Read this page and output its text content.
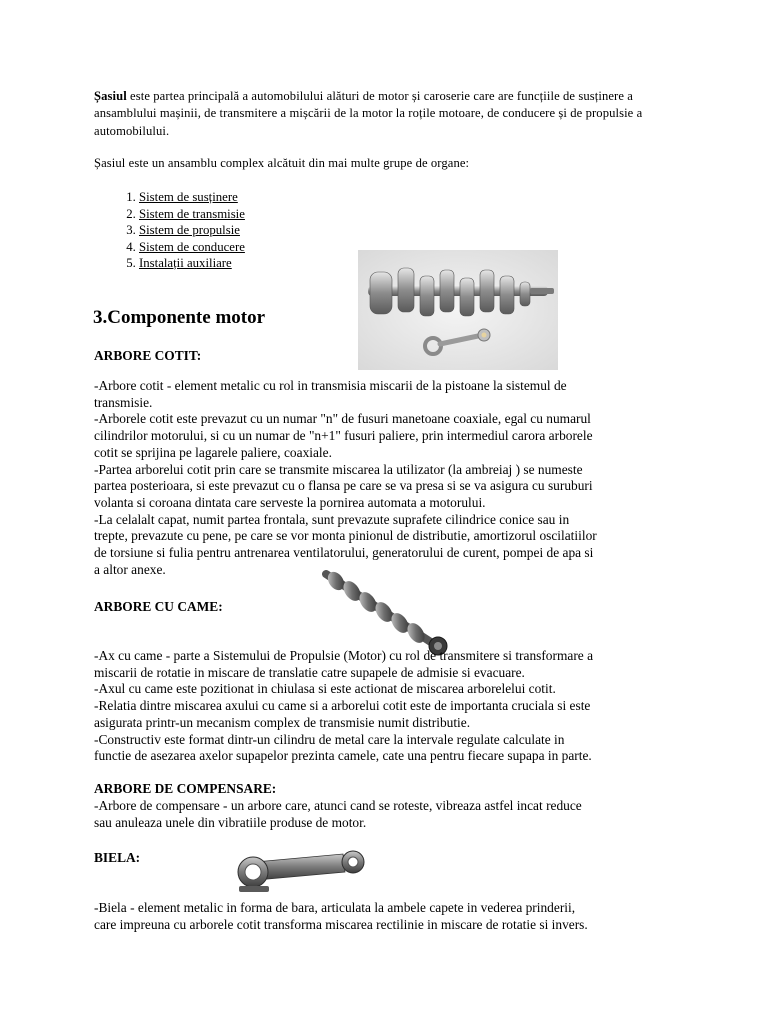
Șasiul este partea principală a automobilului alături de motor și caroserie care are funcțiile de susținere a ansamblului mașinii, de transmitere a mișcării de la motor la roțile motoare, de conducere și de propulsie a automobilului.

Șasiul este un ansamblu complex alcătuit din mai multe grupe de organe:

1. Sistem de susținere
2. Sistem de transmisie
3. Sistem de propulsie
4. Sistem de conducere
5. Instalații auxiliare
3.Componente motor
ARBORE COTIT:

-Arbore cotit - element metalic cu rol in transmisia miscarii de la pistoane la sistemul de

transmisie.

-Arborele cotit este prevazut cu un numar "n" de fusuri manetoane coaxiale, egal cu numarul

cilindrilor motorului, si cu un numar de "n+1" fusuri paliere, prin intermediul carora arborele

cotit se sprijina pe lagarele paliere, coaxiale.

-Partea arborelui cotit prin care se transmite miscarea la utilizator (la ambreiaj ) se numeste

partea posterioara, si este prevazut cu o flansa pe care se va presa si se va asigura cu suruburi

volanta si coroana dintata care serveste la pornirea automata a motorului.

-La celalalt capat, numit partea frontala, sunt prevazute suprafete cilindrice conice sau in

trepte, prevazute cu pene, pe care se vor monta pinionul de distributie, amortizorul oscilatiilor

de torsiune si fulia pentru antrenarea ventilatorului, generatorului de curent, pompei de apa si

a altor anexe.

ARBORE CU CAME:

-Ax cu came - parte a Sistemului de Propulsie (Motor) cu rol de transmitere si transformare a

miscarii de rotatie in miscare de translatie catre supapele de admisie si evacuare.

-Axul cu came este pozitionat in chiulasa si este actionat de miscarea arborelelui cotit.

-Relatia dintre miscarea axului cu came si a arborelui cotit este de importanta cruciala si este

asigurata printr-un mecanism complex de transmisie numit distributie.

-Constructiv este format dintr-un cilindru de metal care la intervale regulate calculate in

functie de asezarea axelor supapelor prezinta camele, cate una pentru fiecare supapa in parte.

ARBORE DE COMPENSARE:

-Arbore de compensare - un arbore care, atunci cand se roteste, vibreaza astfel incat reduce

sau anuleaza unele din vibratiile produse de motor.

BIELA:

-Biela - element metalic in forma de bara, articulata la ambele capete in vederea prinderii,

care impreuna cu arborele cotit transforma miscarea rectilinie in miscare de rotatie si invers.
